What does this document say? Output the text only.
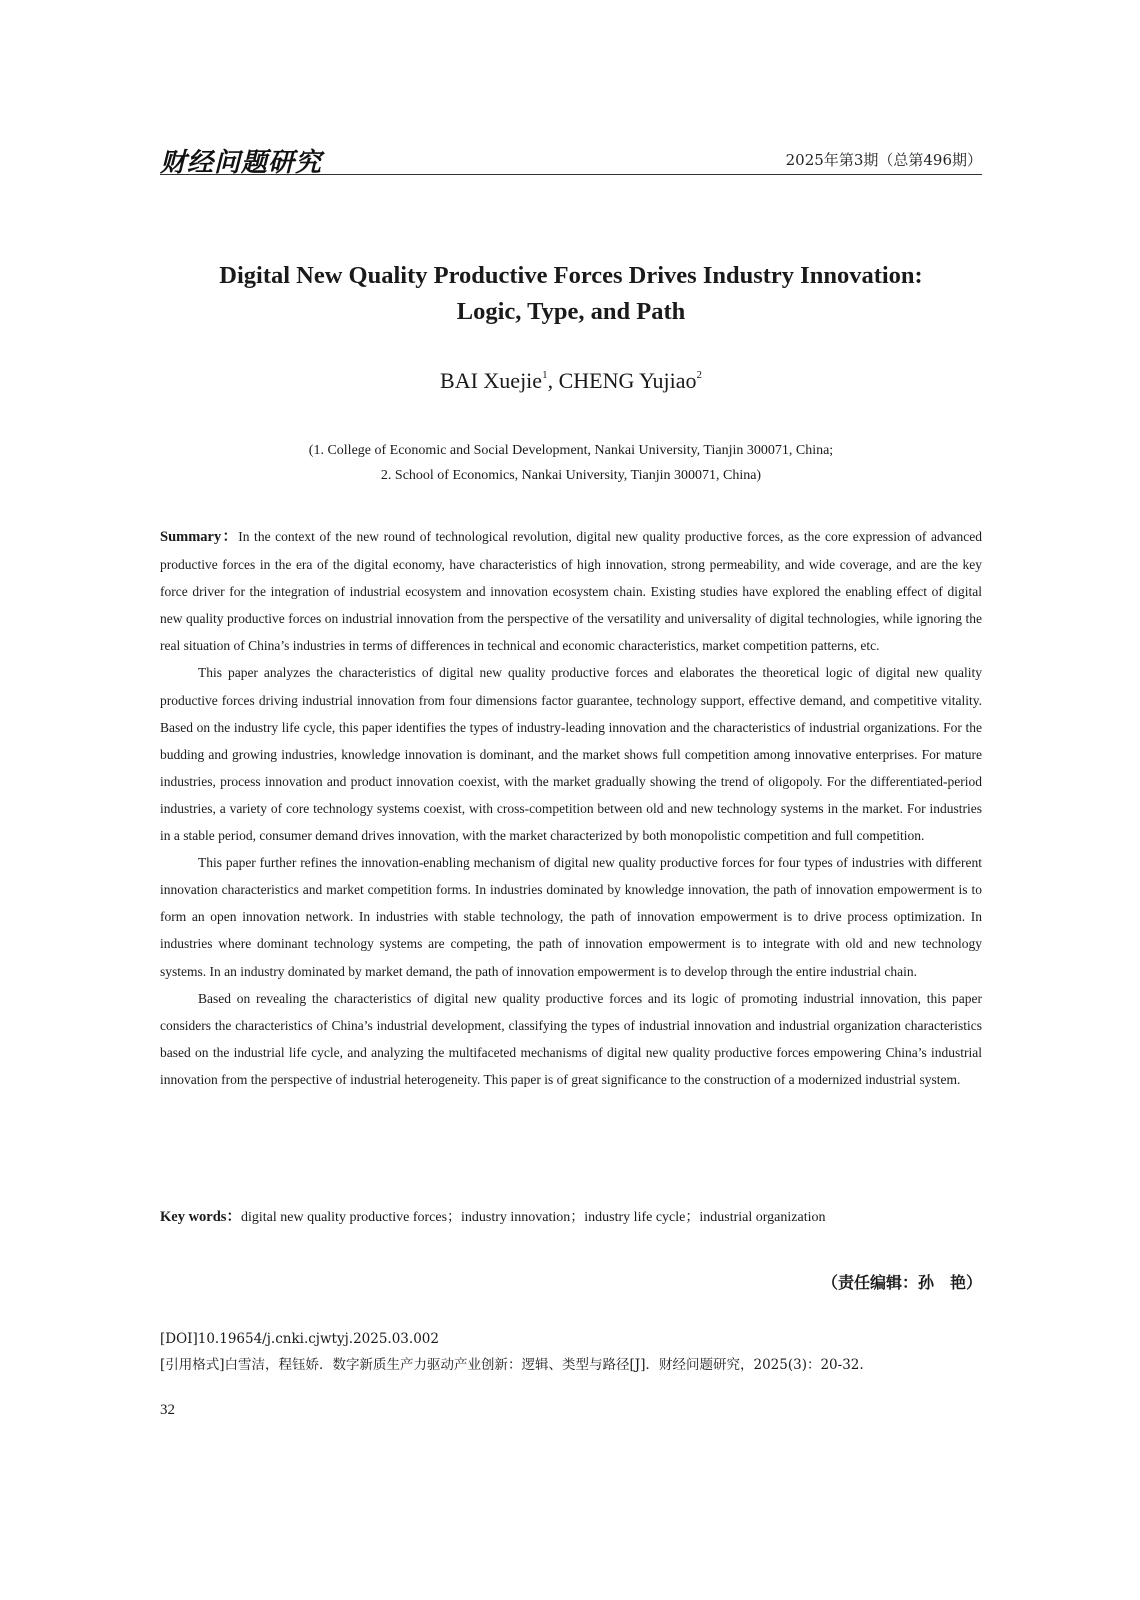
财经问题研究	2025年第3期（总第496期）
Digital New Quality Productive Forces Drives Industry Innovation:
Logic, Type, and Path
BAI Xuejie$^1$, CHENG Yujiao$^2$
(1. College of Economic and Social Development, Nankai University, Tianjin 300071, China;
2. School of Economics, Nankai University, Tianjin 300071, China)

Summary：In the context of the new round of technological revolution, digital new quality productive forces, as the core expression of advanced productive forces in the era of the digital economy, have characteristics of high innovation, strong permeability, and wide coverage, and are the key force driver for the integration of industrial ecosystem and innovation ecosystem chain. Existing studies have explored the enabling effect of digital new quality productive forces on industrial innovation from the perspective of the versatility and universality of digital technologies, while ignoring the real situation of China’s industries in terms of differences in technical and economic characteristics, market competition patterns, etc.

This paper analyzes the characteristics of digital new quality productive forces and elaborates the theoretical logic of digital new quality productive forces driving industrial innovation from four dimensions factor guarantee, technology support, effective demand, and competitive vitality. Based on the industry life cycle, this paper identifies the types of industry-leading innovation and the characteristics of industrial organizations. For the budding and growing industries, knowledge innovation is dominant, and the market shows full competition among innovative enterprises. For mature industries, process innovation and product innovation coexist, with the market gradually showing the trend of oligopoly. For the differentiated-period industries, a variety of core technology systems coexist, with cross-competition between old and new technology systems in the market. For industries in a stable period, consumer demand drives innovation, with the market characterized by both monopolistic competition and full competition.

This paper further refines the innovation-enabling mechanism of digital new quality productive forces for four types of industries with different innovation characteristics and market competition forms. In industries dominated by knowledge innovation, the path of innovation empowerment is to form an open innovation network. In industries with stable technology, the path of innovation empowerment is to drive process optimization. In industries where dominant technology systems are competing, the path of innovation empowerment is to integrate with old and new technology systems. In an industry dominated by market demand, the path of innovation empowerment is to develop through the entire industrial chain.

Based on revealing the characteristics of digital new quality productive forces and its logic of promoting industrial innovation, this paper considers the characteristics of China’s industrial development, classifying the types of industrial innovation and industrial organization characteristics based on the industrial life cycle, and analyzing the multifaceted mechanisms of digital new quality productive forces empowering China’s industrial innovation from the perspective of industrial heterogeneity. This paper is of great significance to the construction of a modernized industrial system.

Key words：digital new quality productive forces；industry innovation；industry life cycle；industrial organization
（责任编辑：孙　艳）
[DOI]10.19654/j.cnki.cjwtyj.2025.03.002
[引用格式]白雪洁，程钰娇．数字新质生产力驱动产业创新：逻辑、类型与路径[J]．财经问题研究，2025(3)：20-32.
32
